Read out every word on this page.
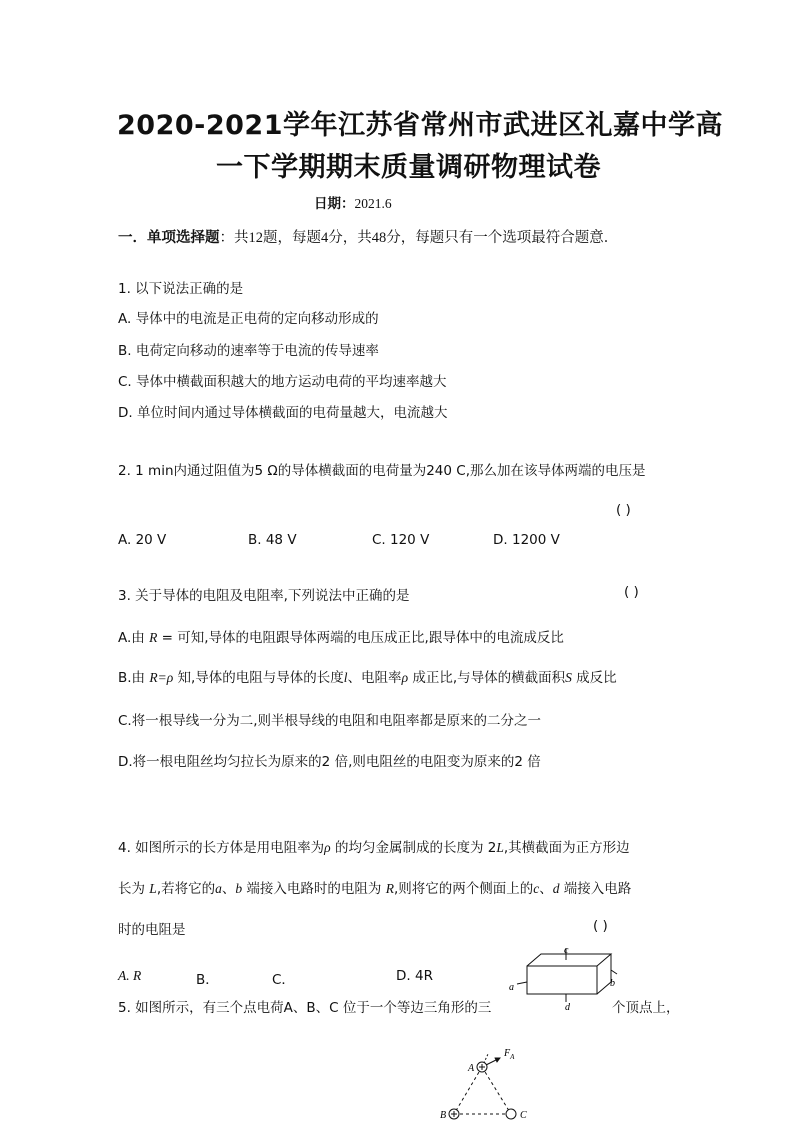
2020-2021学年江苏省常州市武进区礼嘉中学高
一下学期期末质量调研物理试卷
日期：2021.6
一．单项选择题：共12题，每题4分，共48分，每题只有一个选项最符合题意．
1. 以下说法正确的是
A. 导体中的电流是正电荷的定向移动形成的
B. 电荷定向移动的速率等于电流的传导速率
C. 导体中横截面积越大的地方运动电荷的平均速率越大
D. 单位时间内通过导体横截面的电荷量越大，电流越大
2. 1 min内通过阻值为5 Ω的导体横截面的电荷量为240 C,那么加在该导体两端的电压是
( )
A. 20 V	B. 48 V	C. 120 V	D. 1200 V
3. 关于导体的电阻及电阻率,下列说法中正确的是	( )
A.由 R = 可知,导体的电阻跟导体两端的电压成正比,跟导体中的电流成反比
B.由 R=ρ 知,导体的电阻与导体的长度l、电阻率ρ 成正比,与导体的横截面积S 成反比
C.将一根导线一分为二,则半根导线的电阻和电阻率都是原来的二分之一
D.将一根电阻丝均匀拉长为原来的2 倍,则电阻丝的电阻变为原来的2 倍
4. 如图所示的长方体是用电阻率为ρ 的均匀金属制成的长度为 2L,其横截面为正方形边
长为 L,若将它的a、b 端接入电路时的电阻为 R,则将它的两个侧面上的c、d 端接入电路
时的电阻是	( )
A. R	B．	C．	D. 4R
c
d
a	b
5. 如图所示，有三个点电荷A、B、C 位于一个等边三角形的三	个顶点上，
A
B	C
$F_A$
